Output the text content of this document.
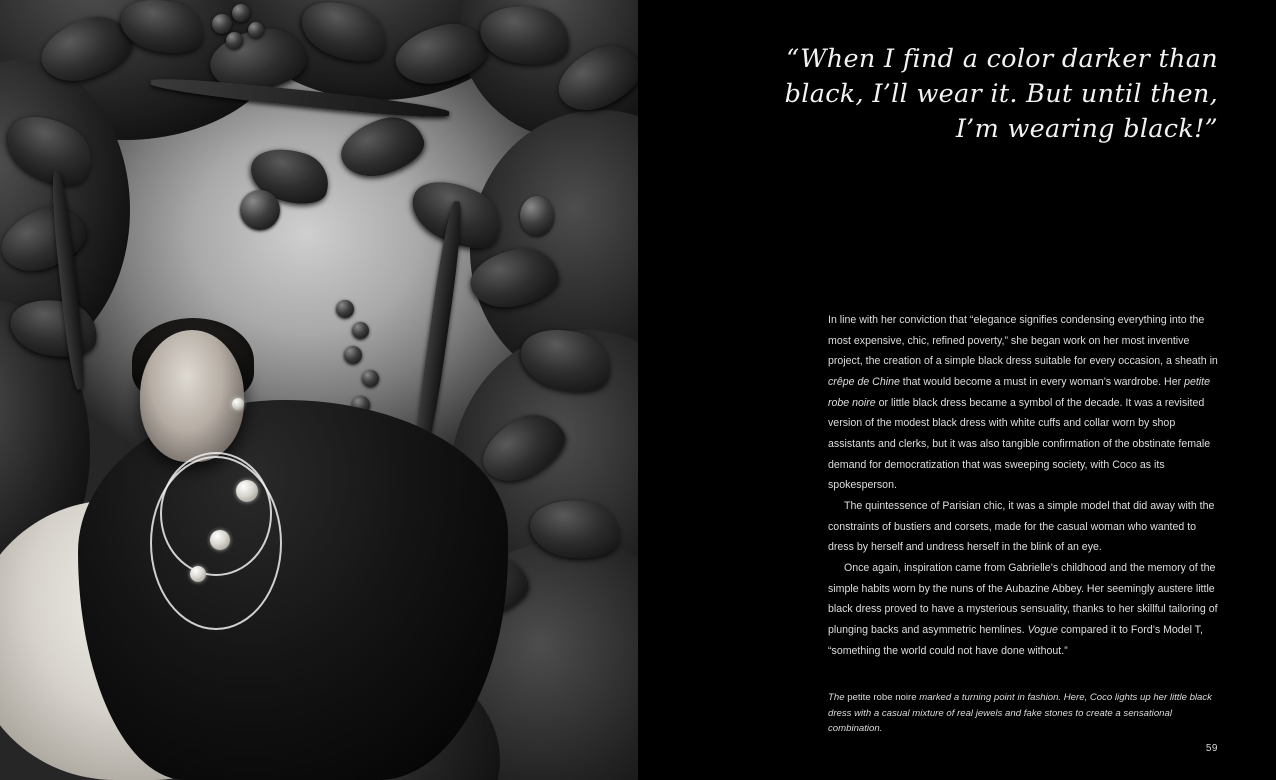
“When I find a color darker than black, I’ll wear it. But until then, I’m wearing black!”

In line with her conviction that “elegance signifies condensing everything into the most expensive, chic, refined poverty,” she began work on her most inventive project, the creation of a simple black dress suitable for every occasion, a sheath in crêpe de Chine that would become a must in every woman’s wardrobe. Her petite robe noire or little black dress became a symbol of the decade. It was a revisited version of the modest black dress with white cuffs and collar worn by shop assistants and clerks, but it was also tangible confirmation of the obstinate female demand for democratization that was sweeping society, with Coco as its spokesperson.

The quintessence of Parisian chic, it was a simple model that did away with the constraints of bustiers and corsets, made for the casual woman who wanted to dress by herself and undress herself in the blink of an eye.

Once again, inspiration came from Gabrielle’s childhood and the memory of the simple habits worn by the nuns of the Aubazine Abbey. Her seemingly austere little black dress proved to have a mysterious sensuality, thanks to her skillful tailoring of plunging backs and asymmetric hemlines. Vogue compared it to Ford’s Model T, “something the world could not have done without.”

The petite robe noire marked a turning point in fashion. Here, Coco lights up her little black dress with a casual mixture of real jewels and fake stones to create a sensational combination.
59
